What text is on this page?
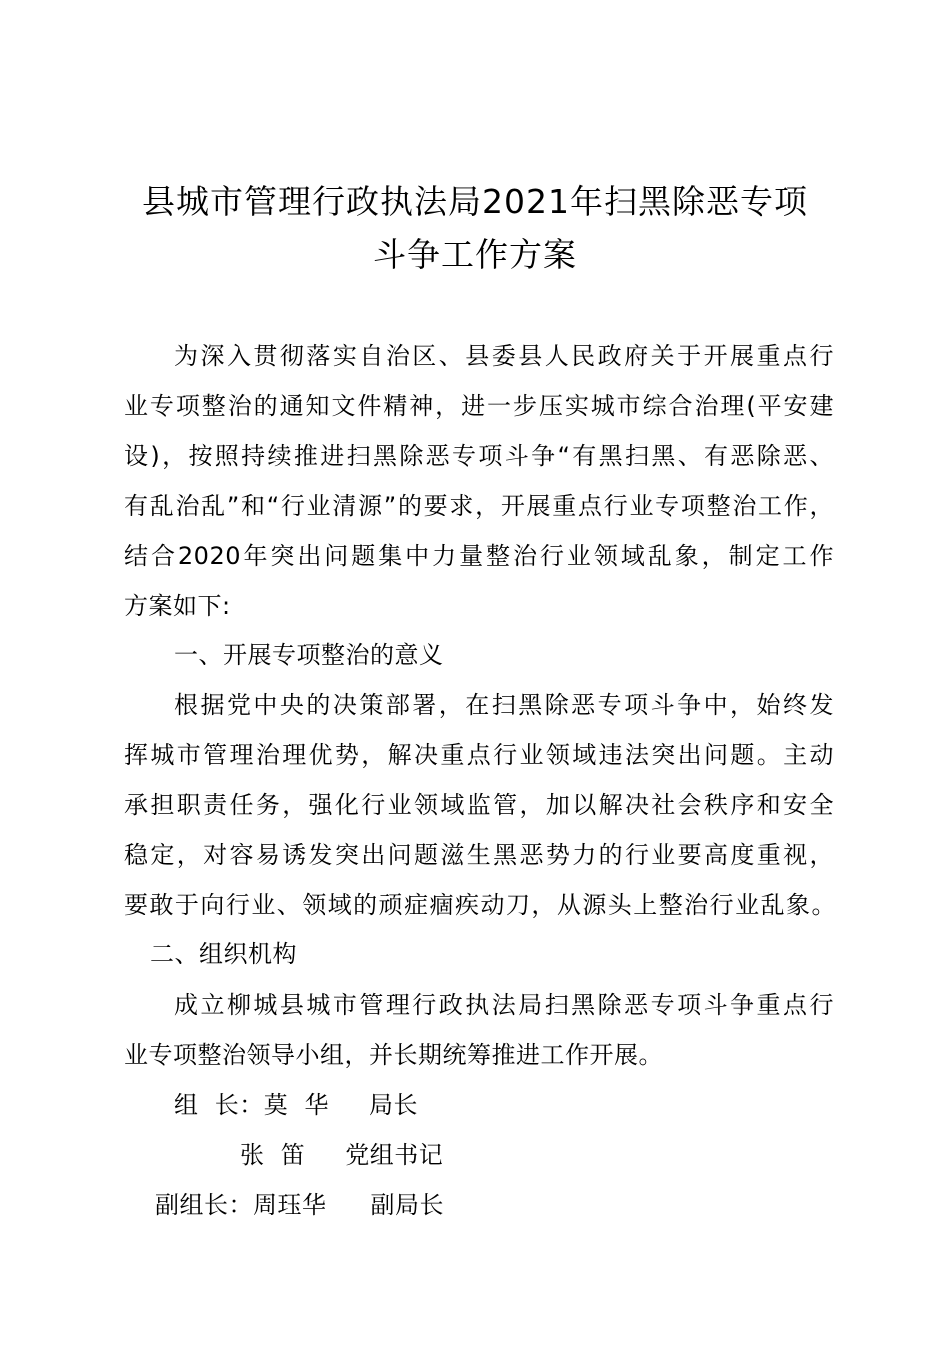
县城市管理行政执法局2021年扫黑除恶专项
斗争工作方案
为深入贯彻落实自治区、县委县人民政府关于开展重点行
业专项整治的通知文件精神，进一步压实城市综合治理(平安建
设)，按照持续推进扫黑除恶专项斗争“有黑扫黑、有恶除恶、
有乱治乱”和“行业清源”的要求，开展重点行业专项整治工作，
结合2020年突出问题集中力量整治行业领域乱象，制定工作
方案如下:
一、开展专项整治的意义
根据党中央的决策部署，在扫黑除恶专项斗争中，始终发
挥城市管理治理优势，解决重点行业领域违法突出问题。主动
承担职责任务，强化行业领域监管，加以解决社会秩序和安全
稳定，对容易诱发突出问题滋生黑恶势力的行业要高度重视，
要敢于向行业、领域的顽症痼疾动刀，从源头上整治行业乱象。
二、组织机构
成立柳城县城市管理行政执法局扫黑除恶专项斗争重点行
业专项整治领导小组，并长期统筹推进工作开展。
组  长：莫  华 局长
张  笛 党组书记
副组长：周珏华 副局长
